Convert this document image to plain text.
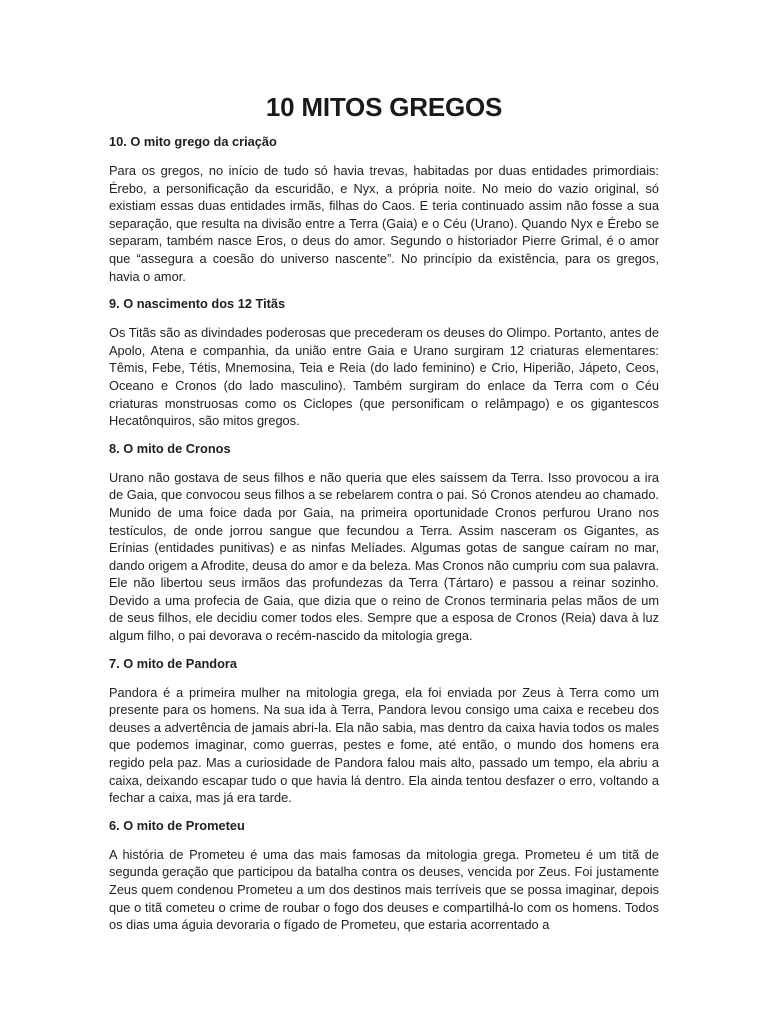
10 MITOS GREGOS
10. O mito grego da criação

Para os gregos, no início de tudo só havia trevas, habitadas por duas entidades primordiais: Érebo, a personificação da escuridão, e Nyx, a própria noite. No meio do vazio original, só existiam essas duas entidades irmãs, filhas do Caos. E teria continuado assim não fosse a sua separação, que resulta na divisão entre a Terra (Gaia) e o Céu (Urano). Quando Nyx e Érebo se separam, também nasce Eros, o deus do amor. Segundo o historiador Pierre Grimal, é o amor que “assegura a coesão do universo nascente”. No princípio da existência, para os gregos, havia o amor.

9. O nascimento dos 12 Titãs

Os Titãs são as divindades poderosas que precederam os deuses do Olimpo. Portanto, antes de Apolo, Atena e companhia, da união entre Gaia e Urano surgiram 12 criaturas elementares: Têmis, Febe, Tétis, Mnemosina, Teia e Reia (do lado feminino) e Crio, Hiperião, Jápeto, Ceos, Oceano e Cronos (do lado masculino). Também surgiram do enlace da Terra com o Céu criaturas monstruosas como os Ciclopes (que personificam o relâmpago) e os gigantescos Hecatônquiros, são mitos gregos.

8. O mito de Cronos

Urano não gostava de seus filhos e não queria que eles saíssem da Terra. Isso provocou a ira de Gaia, que convocou seus filhos a se rebelarem contra o pai. Só Cronos atendeu ao chamado. Munido de uma foice dada por Gaia, na primeira oportunidade Cronos perfurou Urano nos testículos, de onde jorrou sangue que fecundou a Terra. Assim nasceram os Gigantes, as Erínias (entidades punitivas) e as ninfas Melíades. Algumas gotas de sangue caíram no mar, dando origem a Afrodite, deusa do amor e da beleza. Mas Cronos não cumpriu com sua palavra. Ele não libertou seus irmãos das profundezas da Terra (Tártaro) e passou a reinar sozinho. Devido a uma profecia de Gaia, que dizia que o reino de Cronos terminaria pelas mãos de um de seus filhos, ele decidiu comer todos eles. Sempre que a esposa de Cronos (Reia) dava à luz algum filho, o pai devorava o recém-nascido da mitologia grega.

7. O mito de Pandora

Pandora é a primeira mulher na mitologia grega, ela foi enviada por Zeus à Terra como um presente para os homens. Na sua ida à Terra, Pandora levou consigo uma caixa e recebeu dos deuses a advertência de jamais abri-la. Ela não sabia, mas dentro da caixa havia todos os males que podemos imaginar, como guerras, pestes e fome, até então, o mundo dos homens era regido pela paz. Mas a curiosidade de Pandora falou mais alto, passado um tempo, ela abriu a caixa, deixando escapar tudo o que havia lá dentro. Ela ainda tentou desfazer o erro, voltando a fechar a caixa, mas já era tarde.

6. O mito de Prometeu

A história de Prometeu é uma das mais famosas da mitologia grega. Prometeu é um titã de segunda geração que participou da batalha contra os deuses, vencida por Zeus. Foi justamente Zeus quem condenou Prometeu a um dos destinos mais terríveis que se possa imaginar, depois que o titã cometeu o crime de roubar o fogo dos deuses e compartilhá-lo com os homens. Todos os dias uma águia devoraria o fígado de Prometeu, que estaria acorrentado a
